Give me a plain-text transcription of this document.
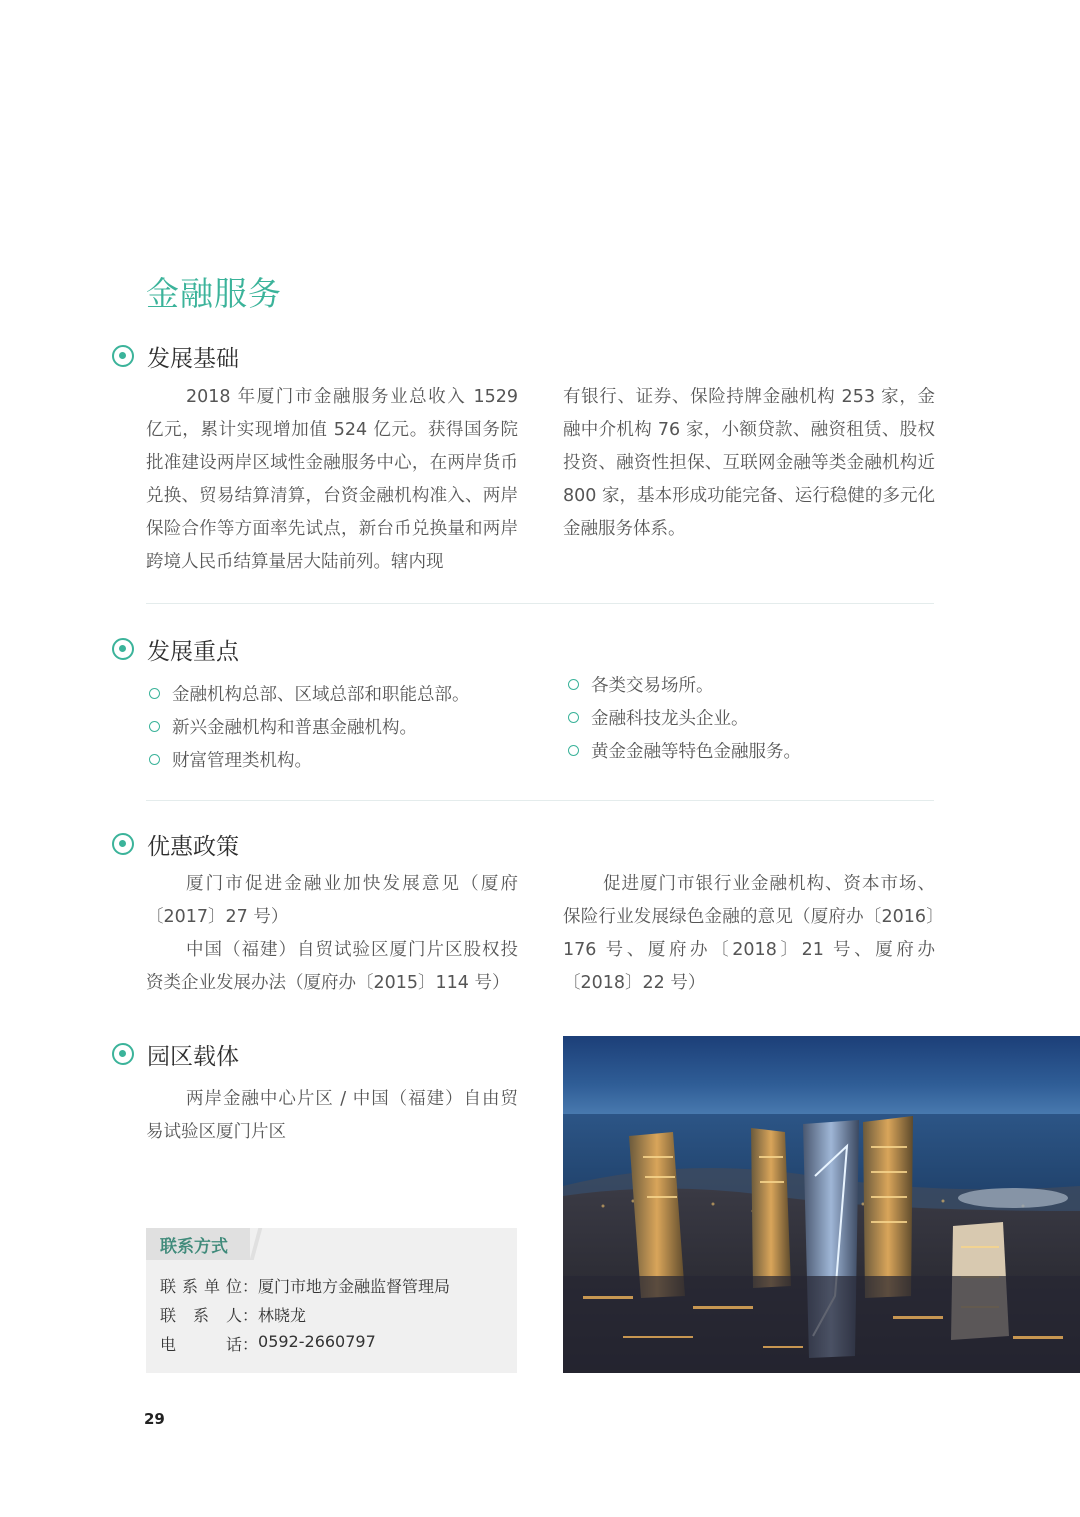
金融服务
发展基础

2018 年厦门市金融服务业总收入 1529 亿元，累计实现增加值 524 亿元。获得国务院批准建设两岸区域性金融服务中心，在两岸货币兑换、贸易结算清算，台资金融机构准入、两岸保险合作等方面率先试点，新台币兑换量和两岸跨境人民币结算量居大陆前列。辖内现

有银行、证券、保险持牌金融机构 253 家，金融中介机构 76 家，小额贷款、融资租赁、股权投资、融资性担保、互联网金融等类金融机构近 800 家，基本形成功能完备、运行稳健的多元化金融服务体系。

发展重点
金融机构总部、区域总部和职能总部。
新兴金融机构和普惠金融机构。
财富管理类机构。
各类交易场所。
金融科技龙头企业。
黄金金融等特色金融服务。
优惠政策

厦门市促进金融业加快发展意见（厦府〔2017〕27 号）

中国（福建）自贸试验区厦门片区股权投资类企业发展办法（厦府办〔2015〕114 号）

促进厦门市银行业金融机构、资本市场、保险行业发展绿色金融的意见（厦府办〔2016〕176 号、厦府办〔2018〕21 号、厦府办〔2018〕22 号）

园区载体

两岸金融中心片区 / 中国（福建）自由贸易试验区厦门片区

联系方式
联系单位 ： 厦门市地方金融监督管理局
联系人 ： 林晓龙
电话 ： 0592-2660797
29
